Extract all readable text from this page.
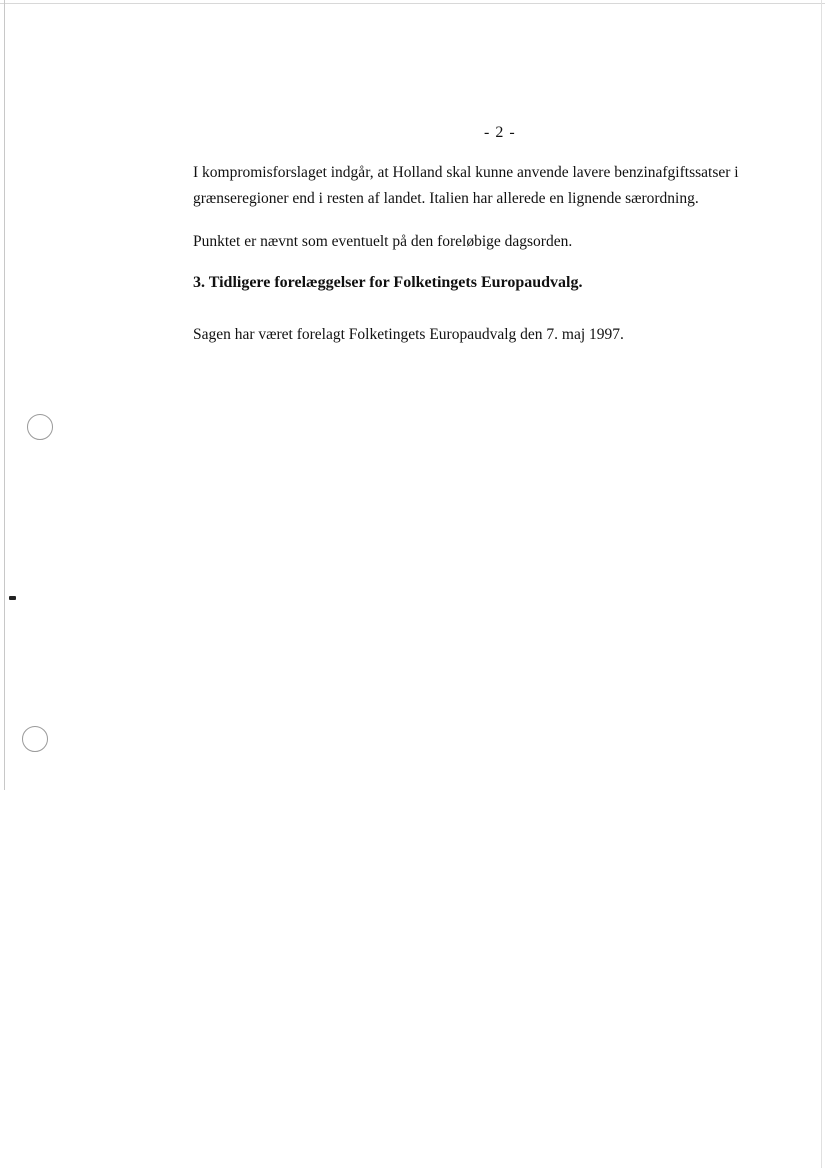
- 2 -

I kompromisforslaget indgår, at Holland skal kunne anvende lavere benzinafgiftssatser i
grænseregioner end i resten af landet. Italien har allerede en lignende særordning.

Punktet er nævnt som eventuelt på den foreløbige dagsorden.

3. Tidligere forelæggelser for Folketingets Europaudvalg.

Sagen har været forelagt Folketingets Europaudvalg den 7. maj 1997.
